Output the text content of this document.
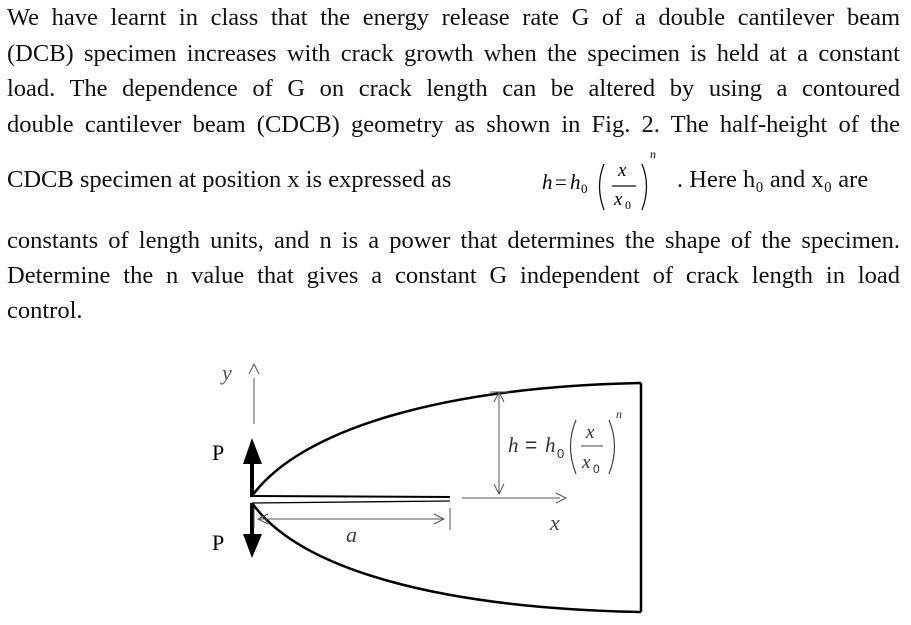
We have learnt in class that the energy release rate G of a double cantilever beam
(DCB) specimen increases with crack growth when the specimen is held at a constant
load. The dependence of G on crack length can be altered by using a contoured
double cantilever beam (CDCB) geometry as shown in Fig. 2. The half-height of the
CDCB specimen at position x is expressed as	h = h 0
x
x 0
n
. Here h₀ and x₀ are
constants of length units, and n is a power that determines the shape of the specimen.
Determine the n value that gives a constant G independent of crack length in load
control.
y
P
P	a	x
h = h 0
x
x 0
n
